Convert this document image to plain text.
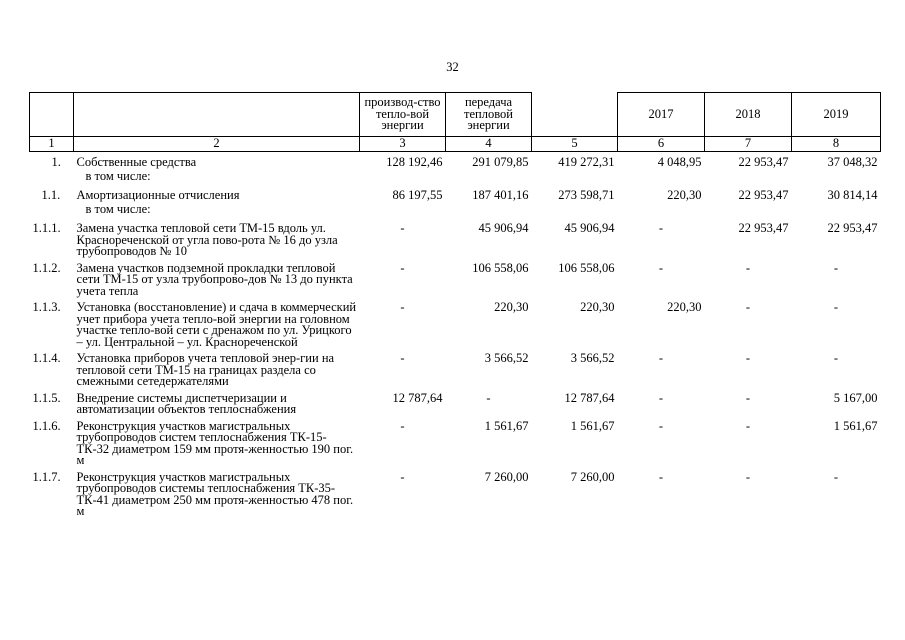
32
		производ-ство тепло-вой энергии	передача тепловой энергии		2017	2018	2019
1	2	3	4	5	6	7	8
1.	Собственные средства	128 192,46	291 079,85	419 272,31	4 048,95	22 953,47	37 048,32
	в том числе:						
1.1.	Амортизационные отчисления	86 197,55	187 401,16	273 598,71	220,30	22 953,47	30 814,14
	в том числе:						
1.1.1.	Замена участка тепловой сети ТМ-15 вдоль ул. Краснореченской от угла пово-рота № 16 до узла трубопроводов № 10	-	45 906,94	45 906,94	-	22 953,47	22 953,47
1.1.2.	Замена участков подземной прокладки тепловой сети ТМ-15 от узла трубопрово-дов № 13 до пункта учета тепла	-	106 558,06	106 558,06	-	-	-
1.1.3.	Установка (восстановление) и сдача в коммерческий учет прибора учета тепло-вой энергии на головном участке тепло-вой сети с дренажом по ул. Урицкого – ул. Центральной – ул. Краснореченской	-	220,30	220,30	220,30	-	-
1.1.4.	Установка приборов учета тепловой энер-гии на тепловой сети ТМ-15 на границах раздела со смежными сетедержателями	-	3 566,52	3 566,52	-	-	-
1.1.5.	Внедрение системы диспетчеризации и автоматизации объектов теплоснабжения	12 787,64	-	12 787,64	-	-	5 167,00
1.1.6.	Реконструкция участков магистральных трубопроводов систем теплоснабжения ТК-15-ТК-32 диаметром 159 мм протя-женностью 190 пог. м	-	1 561,67	1 561,67	-	-	1 561,67
1.1.7.	Реконструкция участков магистральных трубопроводов системы теплоснабжения ТК-35-ТК-41 диаметром 250 мм протя-женностью 478 пог. м	-	7 260,00	7 260,00	-	-	-
